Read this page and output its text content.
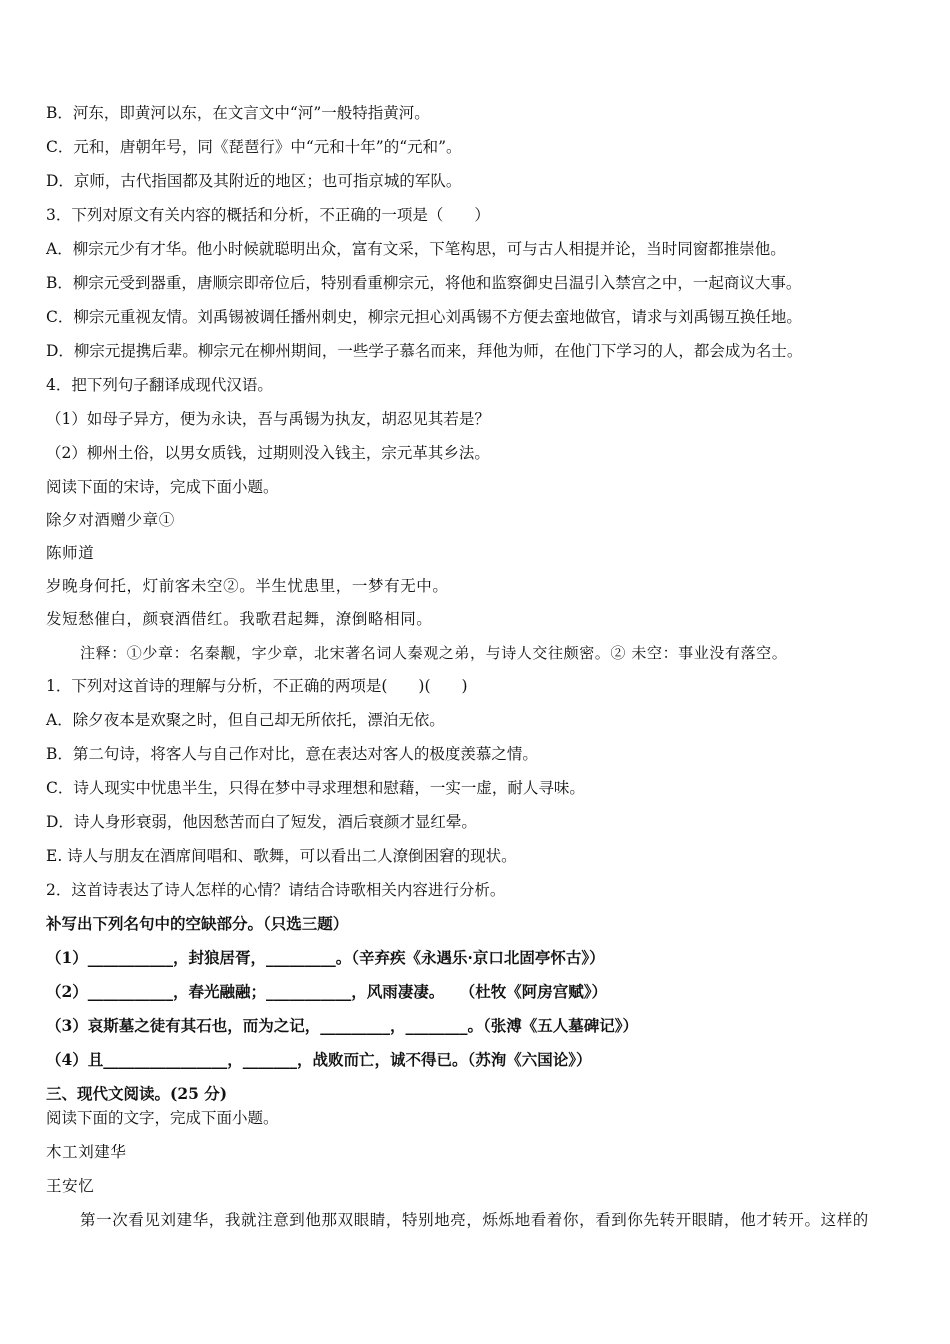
B．河东，即黄河以东，在文言文中“河”一般特指黄河。
C．元和，唐朝年号，同《琵琶行》中“元和十年”的“元和”。
D．京师，古代指国都及其附近的地区；也可指京城的军队。
3．下列对原文有关内容的概括和分析，不正确的一项是（　　）
A．柳宗元少有才华。他小时候就聪明出众，富有文采，下笔构思，可与古人相提并论，当时同窗都推崇他。
B．柳宗元受到器重，唐顺宗即帝位后，特别看重柳宗元，将他和监察御史吕温引入禁宫之中，一起商议大事。
C．柳宗元重视友情。刘禹锡被调任播州刺史，柳宗元担心刘禹锡不方便去蛮地做官，请求与刘禹锡互换任地。
D．柳宗元提携后辈。柳宗元在柳州期间，一些学子慕名而来，拜他为师，在他门下学习的人，都会成为名士。
4．把下列句子翻译成现代汉语。
（1）如母子异方，便为永诀，吾与禹锡为执友，胡忍见其若是？
（2）柳州土俗，以男女质钱，过期则没入钱主，宗元革其乡法。
阅读下面的宋诗，完成下面小题。
除夕对酒赠少章①
陈师道
岁晚身何托，灯前客未空②。半生忧患里，一梦有无中。
发短愁催白，颜衰酒借红。我歌君起舞，潦倒略相同。
注释：①少章：名秦觏，字少章，北宋著名词人秦观之弟，与诗人交往颇密。② 未空：事业没有落空。
1．下列对这首诗的理解与分析，不正确的两项是(　　)(　　)
A．除夕夜本是欢聚之时，但自己却无所依托，漂泊无依。
B．第二句诗，将客人与自己作对比，意在表达对客人的极度羡慕之情。
C．诗人现实中忧患半生，只得在梦中寻求理想和慰藉，一实一虚，耐人寻味。
D．诗人身形衰弱，他因愁苦而白了短发，酒后衰颜才显红晕。
E. 诗人与朋友在酒席间唱和、歌舞，可以看出二人潦倒困窘的现状。
2．这首诗表达了诗人怎样的心情？请结合诗歌相关内容进行分析。
补写出下列名句中的空缺部分。（只选三题）
（1）___________，封狼居胥，_________。（辛弃疾《永遇乐·京口北固亭怀古》）
（2）___________，春光融融；___________，风雨凄凄。　　（杜牧《阿房宫赋》）
（3）哀斯墓之徒有其石也，而为之记，_________，________。（张溥《五人墓碑记》）
（4）且________________，_______，战败而亡，诚不得已。（苏洵《六国论》）
三、现代文阅读。(25 分)
阅读下面的文字，完成下面小题。
木工刘建华
王安忆
第一次看见刘建华，我就注意到他那双眼睛，特别地亮，烁烁地看着你，看到你先转开眼睛，他才转开。这样的
